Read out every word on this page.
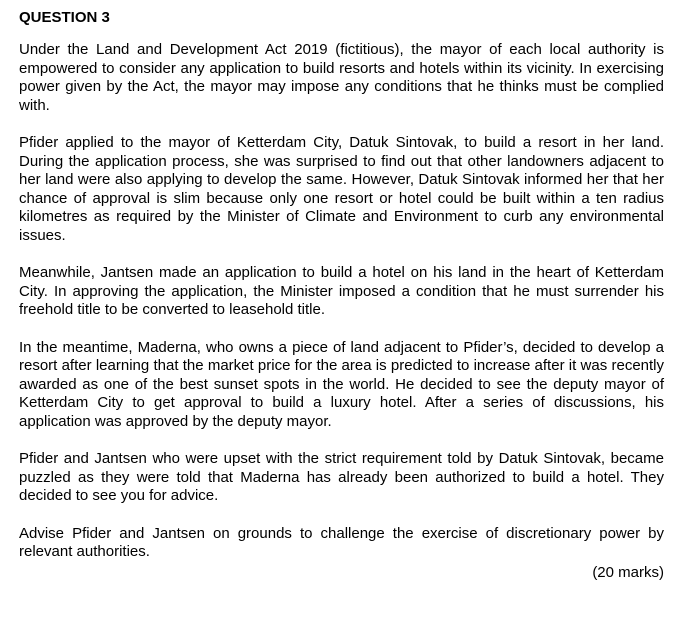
QUESTION 3

Under the Land and Development Act 2019 (fictitious), the mayor of each local authority is empowered to consider any application to build resorts and hotels within its vicinity. In exercising power given by the Act, the mayor may impose any conditions that he thinks must be complied with.

Pfider applied to the mayor of Ketterdam City, Datuk Sintovak, to build a resort in her land. During the application process, she was surprised to find out that other landowners adjacent to her land were also applying to develop the same. However, Datuk Sintovak informed her that her chance of approval is slim because only one resort or hotel could be built within a ten radius kilometres as required by the Minister of Climate and Environment to curb any environmental issues.

Meanwhile, Jantsen made an application to build a hotel on his land in the heart of Ketterdam City. In approving the application, the Minister imposed a condition that he must surrender his freehold title to be converted to leasehold title.

In the meantime, Maderna, who owns a piece of land adjacent to Pfider’s, decided to develop a resort after learning that the market price for the area is predicted to increase after it was recently awarded as one of the best sunset spots in the world. He decided to see the deputy mayor of Ketterdam City to get approval to build a luxury hotel. After a series of discussions, his application was approved by the deputy mayor.

Pfider and Jantsen who were upset with the strict requirement told by Datuk Sintovak, became puzzled as they were told that Maderna has already been authorized to build a hotel. They decided to see you for advice.

Advise Pfider and Jantsen on grounds to challenge the exercise of discretionary power by relevant authorities.

(20 marks)
